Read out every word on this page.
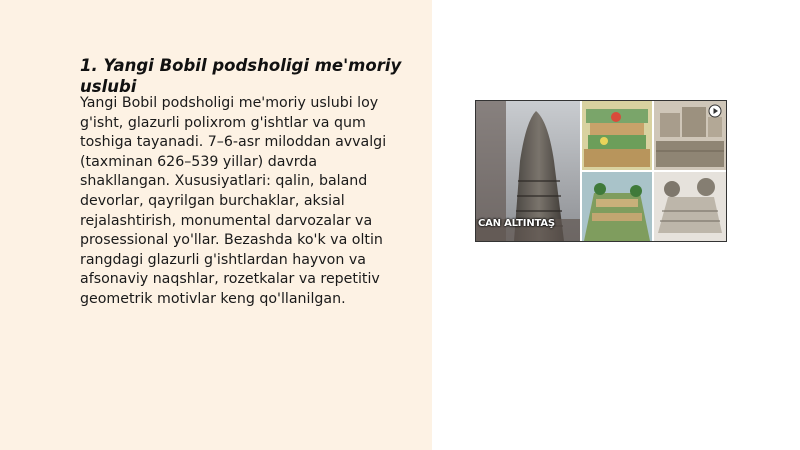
1. Yangi Bobil podsholigi me'moriy uslubi

Yangi Bobil podsholigi me'moriy uslubi loy g'isht, glazurli polixrom g'ishtlar va qum toshiga tayanadi. 7–6-asr miloddan avvalgi (taxminan 626–539 yillar) davrda shakllangan. Xususiyatlari: qalin, baland devorlar, qayrilgan burchaklar, aksial rejalashtirish, monumental darvozalar va prosessional yo'llar. Bezashda ko'k va oltin rangdagi glazurli g'ishtlardan hayvon va afsonaviy naqshlar, rozetkalar va repetitiv geometrik motivlar keng qo'llanilgan.

CAN ALTINTAŞ
